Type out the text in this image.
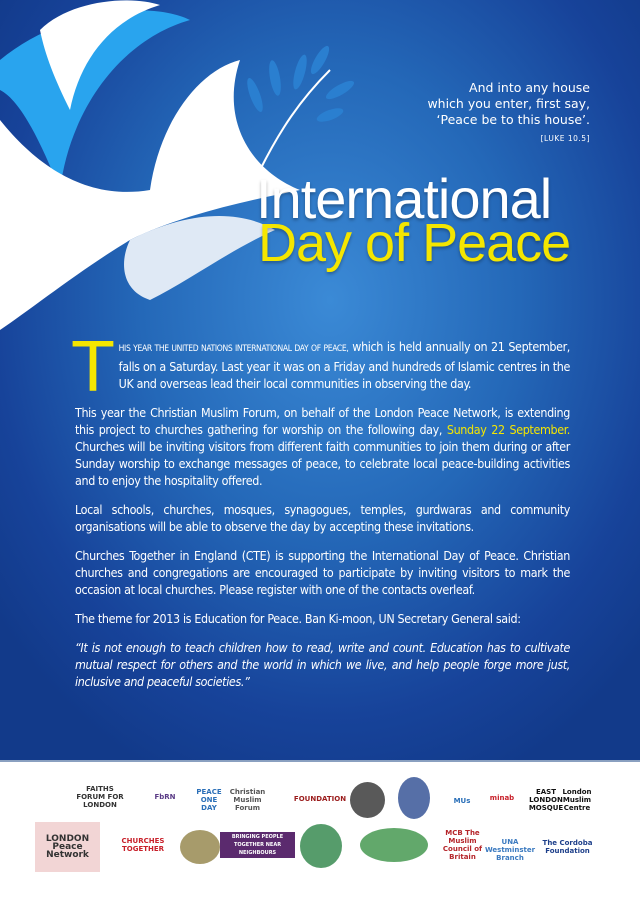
And into any house
which you enter, first say,
‘Peace be to this house’.
[LUKE 10.5]
International
Day of Peace

THIS YEAR THE UNITED NATIONS INTERNATIONAL DAY OF PEACE, which is held annually on 21 September, falls on a Saturday. Last year it was on a Friday and hundreds of Islamic centres in the UK and overseas lead their local communities in observing the day.

This year the Christian Muslim Forum, on behalf of the London Peace Network, is extending this project to churches gathering for worship on the following day, Sunday 22 September. Churches will be inviting visitors from different faith communities to join them during or after Sunday worship to exchange messages of peace, to celebrate local peace-building activities and to enjoy the hospitality offered.

Local schools, churches, mosques, synagogues, temples, gurdwaras and community organisations will be able to observe the day by accepting these invitations.

Churches Together in England (CTE) is supporting the International Day of Peace. Christian churches and congregations are encouraged to participate by inviting visitors to mark the occasion at local churches. Please register with one of the contacts overleaf.

The theme for 2013 is Education for Peace. Ban Ki-moon, UN Secretary General said:

“It is not enough to teach children how to read, write and count. Education has to cultivate mutual respect for others and the world in which we live, and help people forge more just, inclusive and peaceful societies.”

FAITHS FORUM FOR LONDON
FbRN
PEACE ONE DAY
Christian Muslim Forum
FOUNDATION	MUs	minab
EAST LONDON MOSQUE
London Muslim Centre
LONDON Peace Network
CHURCHES TOGETHER
BRINGING PEOPLE TOGETHER NEAR NEIGHBOURS
MCB The Muslim Council of Britain
UNA Westminster Branch
The Cordoba Foundation
